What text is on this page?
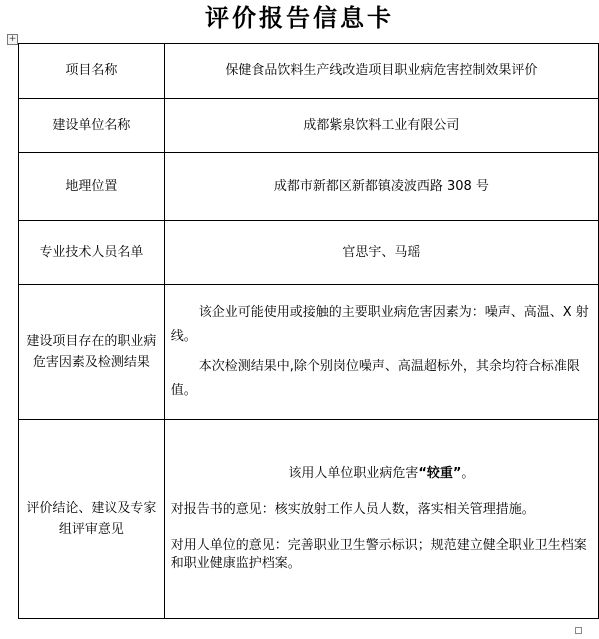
评价报告信息卡
+
项目名称	保健食品饮料生产线改造项目职业病危害控制效果评价
建设单位名称	成都紫泉饮料工业有限公司
地理位置	成都市新都区新都镇凌波西路 308 号
专业技术人员名单	官思宇、马瑶
建设项目存在的职业病危害因素及检测结果	该企业可能使用或接触的主要职业病危害因素为：噪声、高温、X 射线。

本次检测结果中,除个别岗位噪声、高温超标外，其余均符合标准限值。

评价结论、建议及专家组评审意见	该用人单位职业病危害“较重”。

对报告书的意见：核实放射工作人员人数，落实相关管理措施。

对用人单位的意见：完善职业卫生警示标识；规范建立健全职业卫生档案和职业健康监护档案。
